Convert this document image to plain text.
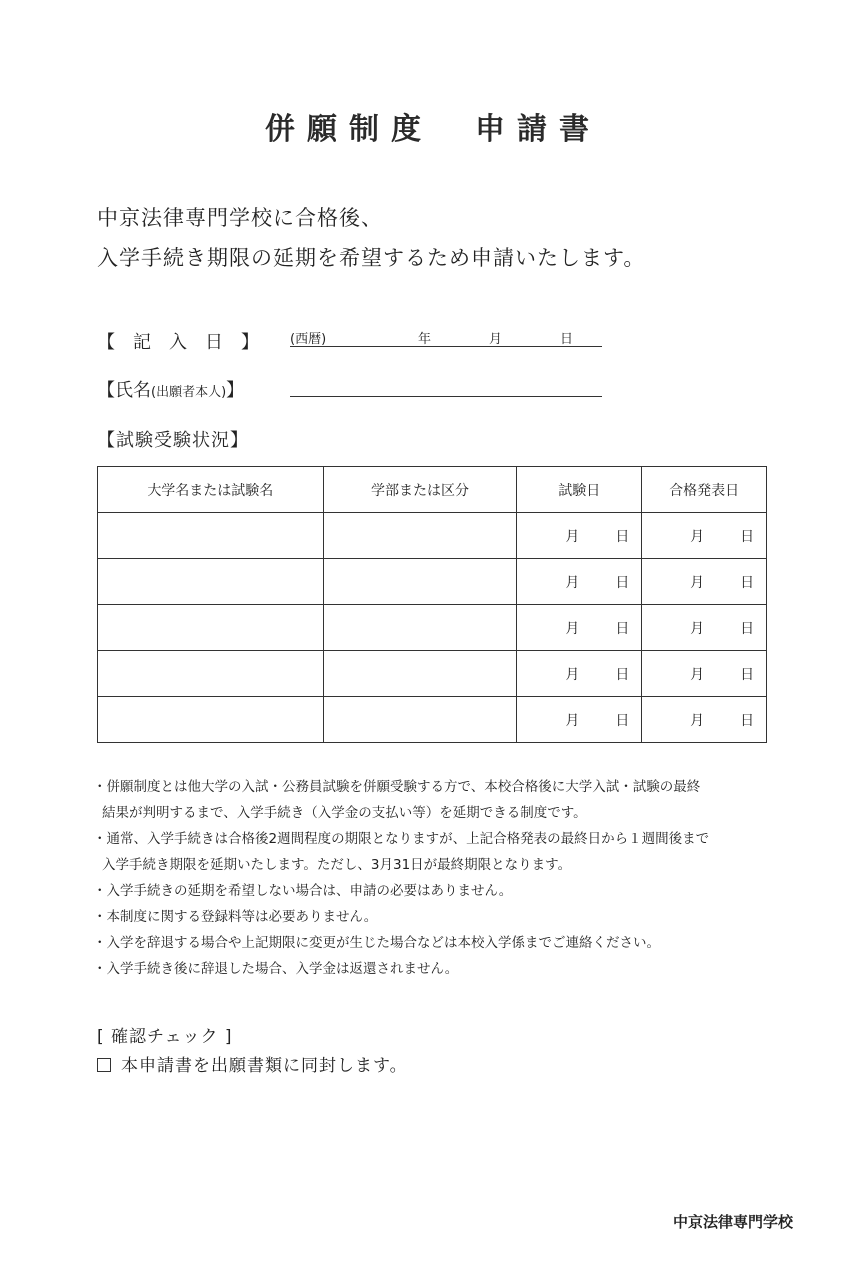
併願制度　申請書
中京法律専門学校に合格後、
入学手続き期限の延期を希望するため申請いたします。
【　記　入　日　】 (西暦)	年	月	日
【氏名(出願者本人)】
【試験受験状況】
大学名または試験名	学部または区分	試験日	合格発表日

		月 日	月 日

		月 日	月 日

		月 日	月 日

		月 日	月 日

		月 日	月 日
・併願制度とは他大学の入試・公務員試験を併願受験する方で、本校合格後に大学入試・試験の最終
結果が判明するまで、入学手続き（入学金の支払い等）を延期できる制度です。
・通常、入学手続きは合格後2週間程度の期限となりますが、上記合格発表の最終日から１週間後まで
入学手続き期限を延期いたします。ただし、3月31日が最終期限となります。
・入学手続きの延期を希望しない場合は、申請の必要はありません。
・本制度に関する登録料等は必要ありません。
・入学を辞退する場合や上記期限に変更が生じた場合などは本校入学係までご連絡ください。
・入学手続き後に辞退した場合、入学金は返還されません。
[ 確認チェック ]
本申請書を出願書類に同封します。
中京法律専門学校
